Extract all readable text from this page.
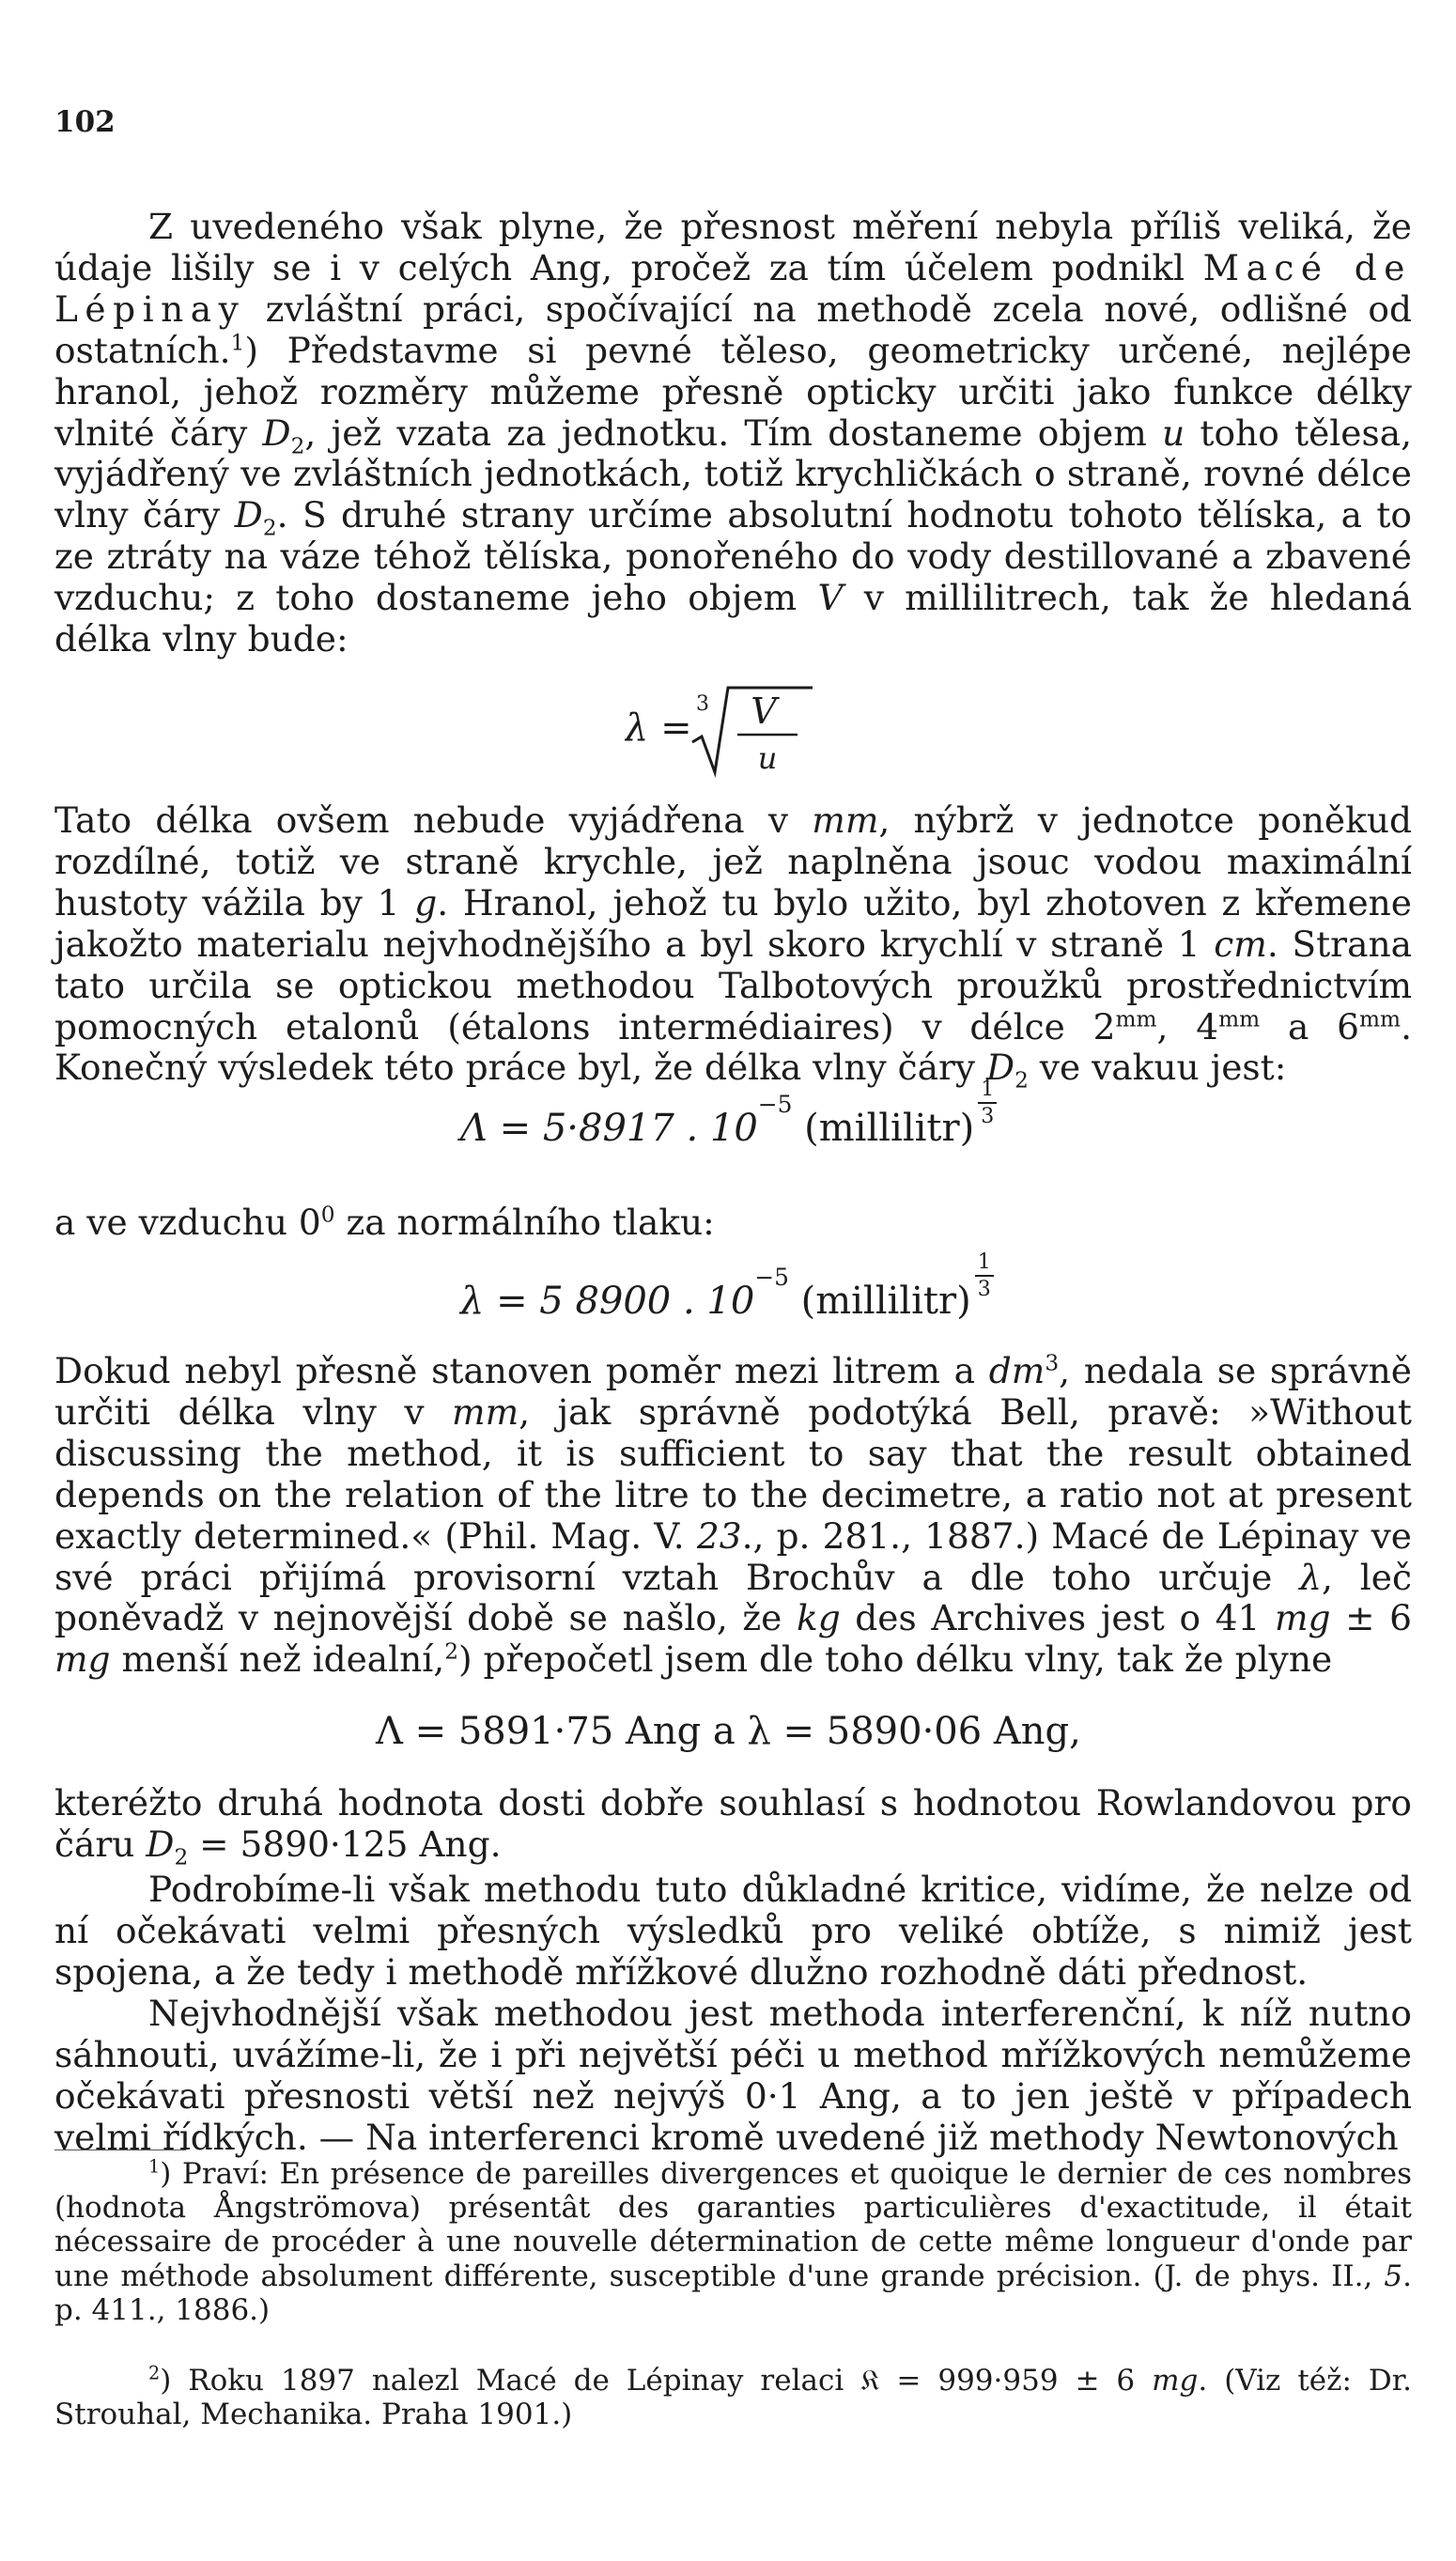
102
Z uvedeného však plyne, že přesnost měření nebyla příliš veliká, že údaje lišily se i v celých Ang, pročež za tím účelem podnikl Macé de Lépinay zvláštní práci, spočívající na methodě zcela nové, odlišné od ostatních.$^1$) Představme si pevné těleso, geometricky určené, nejlépe hranol, jehož rozměry můžeme přesně opticky určiti jako funkce délky vlnité čáry $D_2$, jež vzata za jednotku. Tím dostaneme objem u toho tělesa, vyjádřený ve zvláštních jednotkách, totiž krychličkách o straně, rovné délce vlny čáry $D_2$. S druhé strany určíme absolutní hodnotu tohoto tělíska, a to ze ztráty na váze téhož tělíska, ponořeného do vody destillované a zbavené vzduchu; z toho dostaneme jeho objem V v millilitrech, tak že hledaná délka vlny bude:
λ =
3 V
u
Tato délka ovšem nebude vyjádřena v mm, nýbrž v jednotce poněkud rozdílné, totiž ve straně krychle, jež naplněna jsouc vodou maximální hustoty vážila by 1 g. Hranol, jehož tu bylo užito, byl zhotoven z křemene jakožto materialu nejvhodnějšího a byl skoro krychlí v straně 1 cm. Strana tato určila se optickou methodou Talbotových proužků prostřednictvím pomocných etalonů (étalons intermédiaires) v délce $2^{mm}$, $4^{mm}$ a $6^{mm}$. Konečný výsledek této práce byl, že délka vlny čáry $D_2$ ve vakuu jest:
Λ = 5·8917 . $10^{-5}$ (millilitr)
$\frac{1}{3}$
a ve vzduchu $0^0$ za normálního tlaku:
λ = 5 8900 . $10^{-5}$ (millilitr)
$\frac{1}{3}$
Dokud nebyl přesně stanoven poměr mezi litrem a $dm^3$, nedala se správně určiti délka vlny v mm, jak správně podotýká Bell, pravě: »Without discussing the method, it is sufficient to say that the result obtained depends on the relation of the litre to the decimetre, a ratio not at present exactly determined.« (Phil. Mag. V. 23., p. 281., 1887.) Macé de Lépinay ve své práci přijímá provisorní vztah Brochův a dle toho určuje λ, leč poněvadž v nejnovější době se našlo, že kg des Archives jest o 41 mg ± 6 mg menší než idealní,$^2$) přepočetl jsem dle toho délku vlny, tak že plyne
Λ = 5891·75 Ang a λ = 5890·06 Ang,
kteréžto druhá hodnota dosti dobře souhlasí s hodnotou Rowlandovou pro čáru $D_2 = 5890\cdot 125$ Ang.
Podrobíme-li však methodu tuto důkladné kritice, vidíme, že nelze od ní očekávati velmi přesných výsledků pro veliké obtíže, s nimiž jest spojena, a že tedy i methodě mřížkové dlužno rozhodně dáti přednost.
Nejvhodnější však methodou jest methoda interferenční, k níž nutno sáhnouti, uvážíme-li, že i při největší péči u method mřížkových nemůžeme očekávati přesnosti větší než nejvýš 0·1 Ang, a to jen ještě v případech velmi řídkých. — Na interferenci kromě uvedené již methody Newtonových
$^1$) Praví: En présence de pareilles divergences et quoique le dernier de ces nombres (hodnota Ångströmova) présentât des garanties particulières d'exactitude, il était nécessaire de procéder à une nouvelle détermination de cette même longueur d'onde par une méthode absolument différente, susceptible d'une grande précision. (J. de phys. II., 5. p. 411., 1886.)
$^2$) Roku 1897 nalezl Macé de Lépinay relaci 𝔎 = 999·959 ± 6 mg. (Viz též: Dr. Strouhal, Mechanika. Praha 1901.)
